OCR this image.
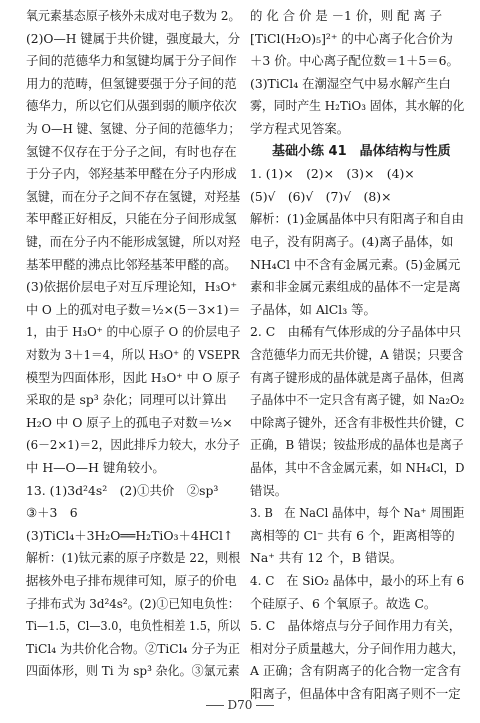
氧元素基态原子核外未成对电子数为 2。
(2)O—H 键属于共价键，强度最大，分
子间的范德华力和氢键均属于分子间作
用力的范畴，但氢键要强于分子间的范
德华力，所以它们从强到弱的顺序依次
为 O—H 键、氢键、分子间的范德华力；
氢键不仅存在于分子之间，有时也存在
于分子内，邻羟基苯甲醛在分子内形成
氢键，而在分子之间不存在氢键，对羟基
苯甲醛正好相反，只能在分子间形成氢
键，而在分子内不能形成氢键，所以对羟
基苯甲醛的沸点比邻羟基苯甲醛的高。
(3)依据价层电子对互斥理论知，H₃O⁺
中 O 上的孤对电子数＝½×(5－3×1)＝
1，由于 H₃O⁺ 的中心原子 O 的价层电子
对数为 3＋1＝4，所以 H₃O⁺ 的 VSEPR
模型为四面体形，因此 H₃O⁺ 中 O 原子
采取的是 sp³ 杂化；同理可以计算出
H₂O 中 O 原子上的孤电子对数＝½×
(6－2×1)＝2，因此排斥力较大，水分子
中 H—O—H 键角较小。
13. (1)3d²4s²　(2)①共价　②sp³
③＋3　6
(3)TiCl₄＋3H₂O══H₂TiO₃＋4HCl↑
解析：(1)钛元素的原子序数是 22，则根
据核外电子排布规律可知，原子的价电
子排布式为 3d²4s²。(2)①已知电负性：
Ti—1.5，Cl—3.0，电负性相差 1.5，所以
TiCl₄ 为共价化合物。②TiCl₄ 分子为正
四面体形，则 Ti 为 sp³ 杂化。③氯元素
的 化 合 价 是 －1 价，则 配 离 子
[TiCl(H₂O)₅]²⁺ 的中心离子化合价为
＋3 价。中心离子配位数＝1＋5＝6。
(3)TiCl₄ 在潮湿空气中易水解产生白
雾，同时产生 H₂TiO₃ 固体，其水解的化
学方程式见答案。
基础小练 41　晶体结构与性质
1. (1)×　(2)×　(3)×　(4)×
(5)√　(6)√　(7)√　(8)×
解析：(1)金属晶体中只有阳离子和自由
电子，没有阴离子。(4)离子晶体，如
NH₄Cl 中不含有金属元素。(5)金属元
素和非金属元素组成的晶体不一定是离
子晶体，如 AlCl₃ 等。
2. C　由稀有气体形成的分子晶体中只
含范德华力而无共价键，A 错误；只要含
有离子键形成的晶体就是离子晶体，但离
子晶体中不一定只含有离子键，如 Na₂O₂
中除离子键外，还含有非极性共价键，C
正确，B 错误；铵盐形成的晶体也是离子
晶体，其中不含金属元素，如 NH₄Cl，D
错误。
3. B　在 NaCl 晶体中，每个 Na⁺ 周围距
离相等的 Cl⁻ 共有 6 个，距离相等的
Na⁺ 共有 12 个，B 错误。
4. C　在 SiO₂ 晶体中，最小的环上有 6
个硅原子、6 个氧原子。故选 C。
5. C　晶体熔点与分子间作用力有关，
相对分子质量越大，分子间作用力越大，
A 正确；含有阴离子的化合物一定含有
阳离子，但晶体中含有阳离子则不一定
D70
